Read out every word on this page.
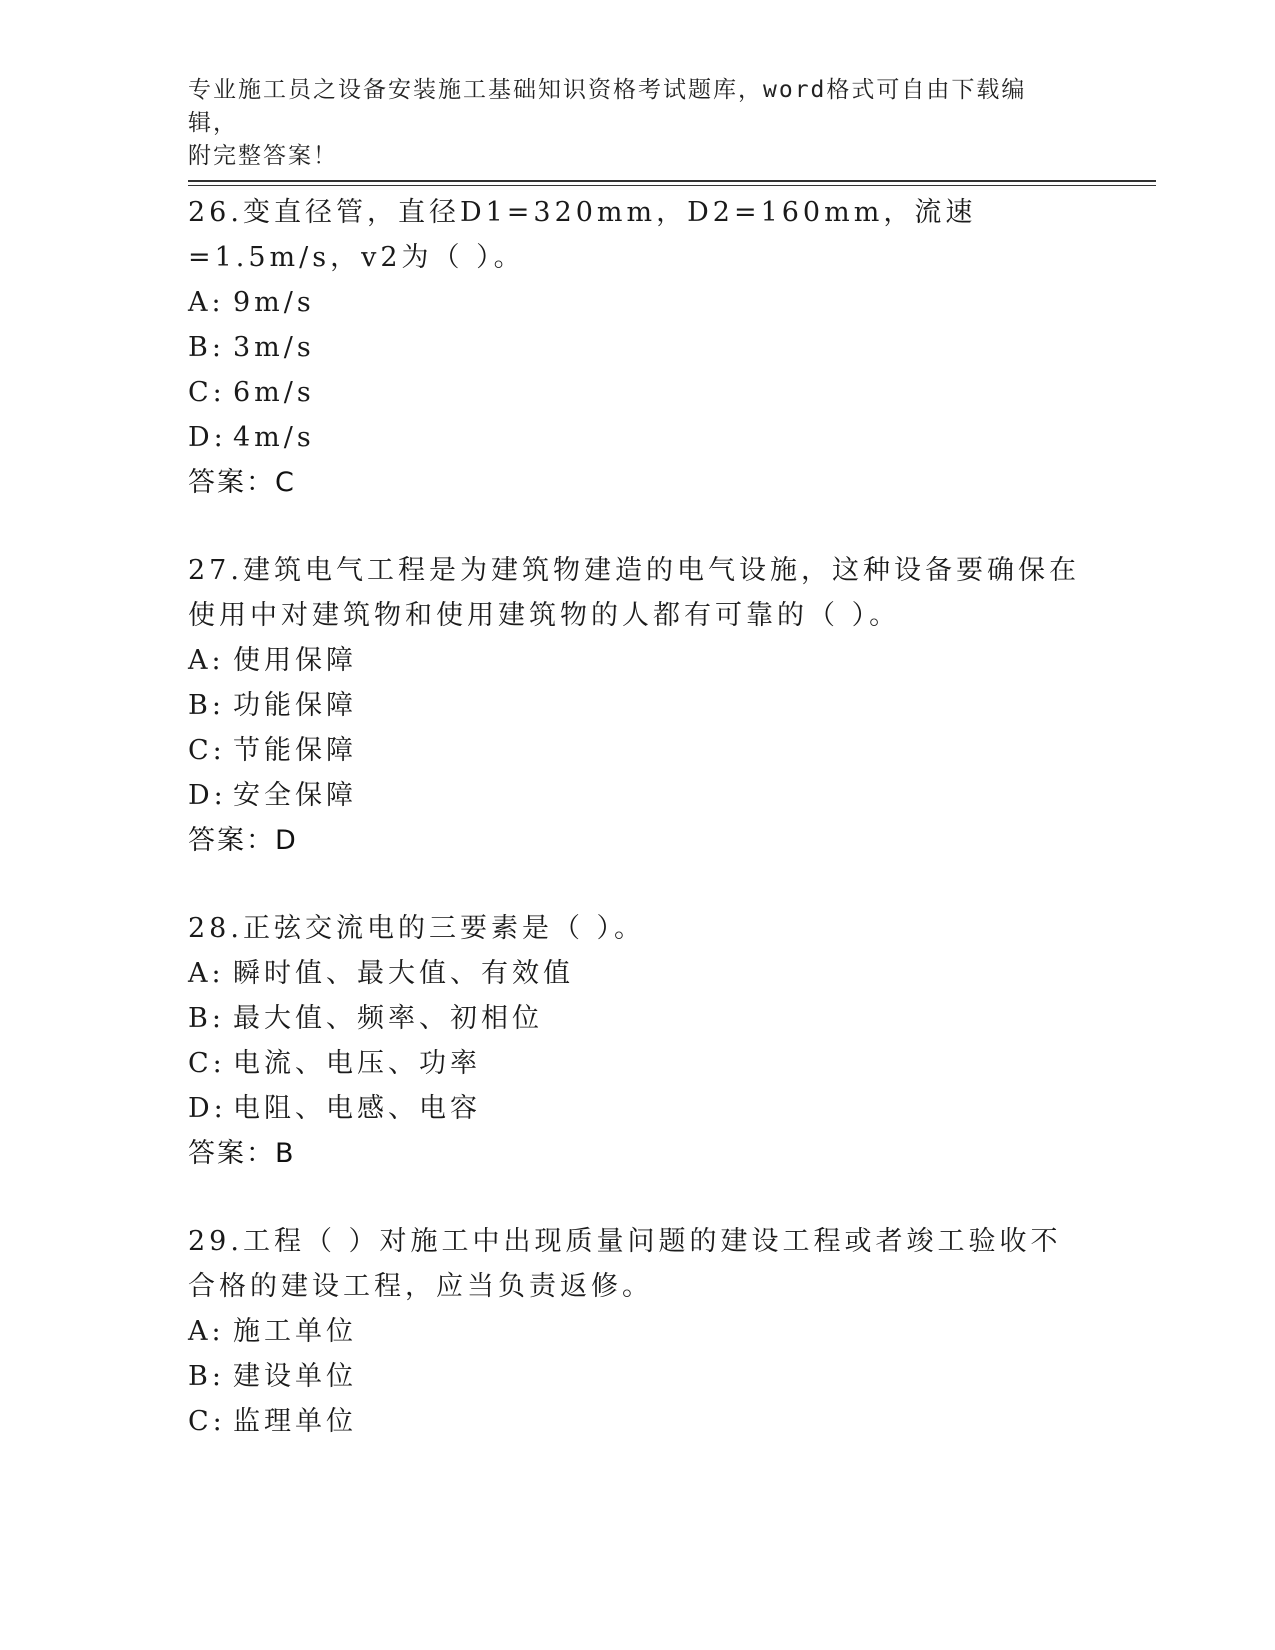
专业施工员之设备安装施工基础知识资格考试题库，word格式可自由下载编辑，
附完整答案！
26.变直径管，直径D1=320mm，D2=160mm，流速=1.5m/s，v2为（ ）。
A: 9m/s
B: 3m/s
C: 6m/s
D: 4m/s
答案：C
27.建筑电气工程是为建筑物建造的电气设施，这种设备要确保在使用中对建筑物和使用建筑物的人都有可靠的（ ）。
A: 使用保障
B: 功能保障
C: 节能保障
D: 安全保障
答案：D
28.正弦交流电的三要素是（ ）。
A: 瞬时值、最大值、有效值
B: 最大值、频率、初相位
C: 电流、电压、功率
D: 电阻、电感、电容
答案：B
29.工程（ ）对施工中出现质量问题的建设工程或者竣工验收不合格的建设工程，应当负责返修。
A: 施工单位
B: 建设单位
C: 监理单位
